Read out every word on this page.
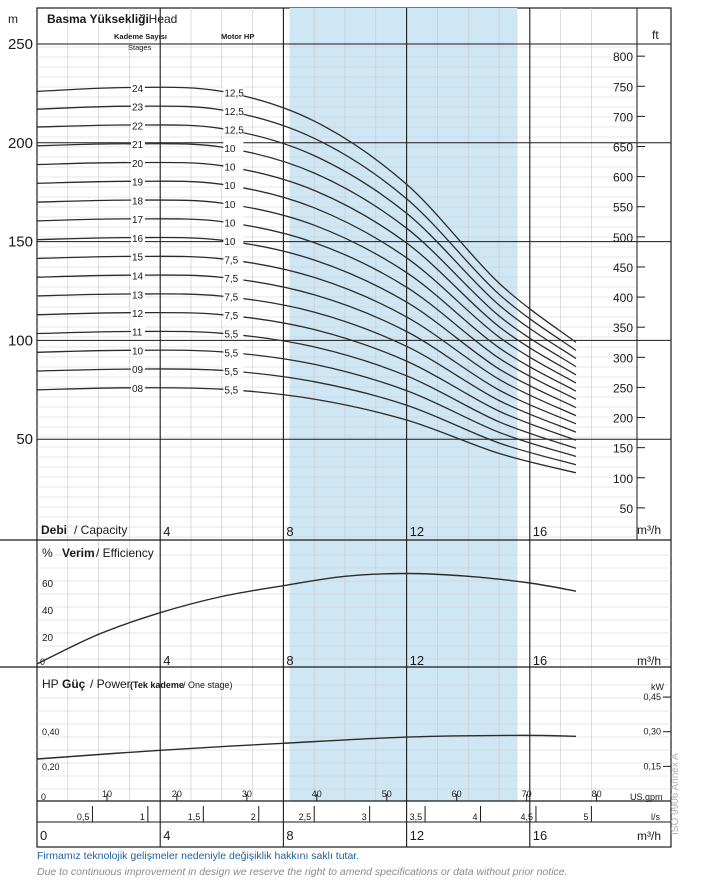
m Basma Yüksekliği
/ Head
ft
Kademe Sayısı
Stages
Motor HP
50
100
150
200
250
50
100
150
200
250
300
350
400
450
500
550
600
650
700
750
800
Debi / Capacity	m³/h
4	8	12	16
24	12,5
23	12,5
22	12,5
21	10
20	10
19	10
18	10
17	10
16	10
15	7,5
14	7,5
13	7,5
12	7,5
11	5,5
10	5,5
09	5,5
08	5,5
% Verim / Efficiency
20
40
60
0	4	8	12	16	m³/h
HP Güç / Power (Tek kademe / One stage)	kW
0,20
0,40
0
0,15
0,30
0,45
10	20	30	40	50	60	70	80	US.gpm
0,5	1	1,5	2	2,5	3	3,5	4	4,5	5	l/s
0	4	8	12	16	m³/h
Firmamız teknolojik gelişmeler nedeniyle değişiklik hakkını saklı tutar.
Due to continuous improvement in design we reserve the right to amend specifications or data without prior notice.
ISO 9906 Annex A
